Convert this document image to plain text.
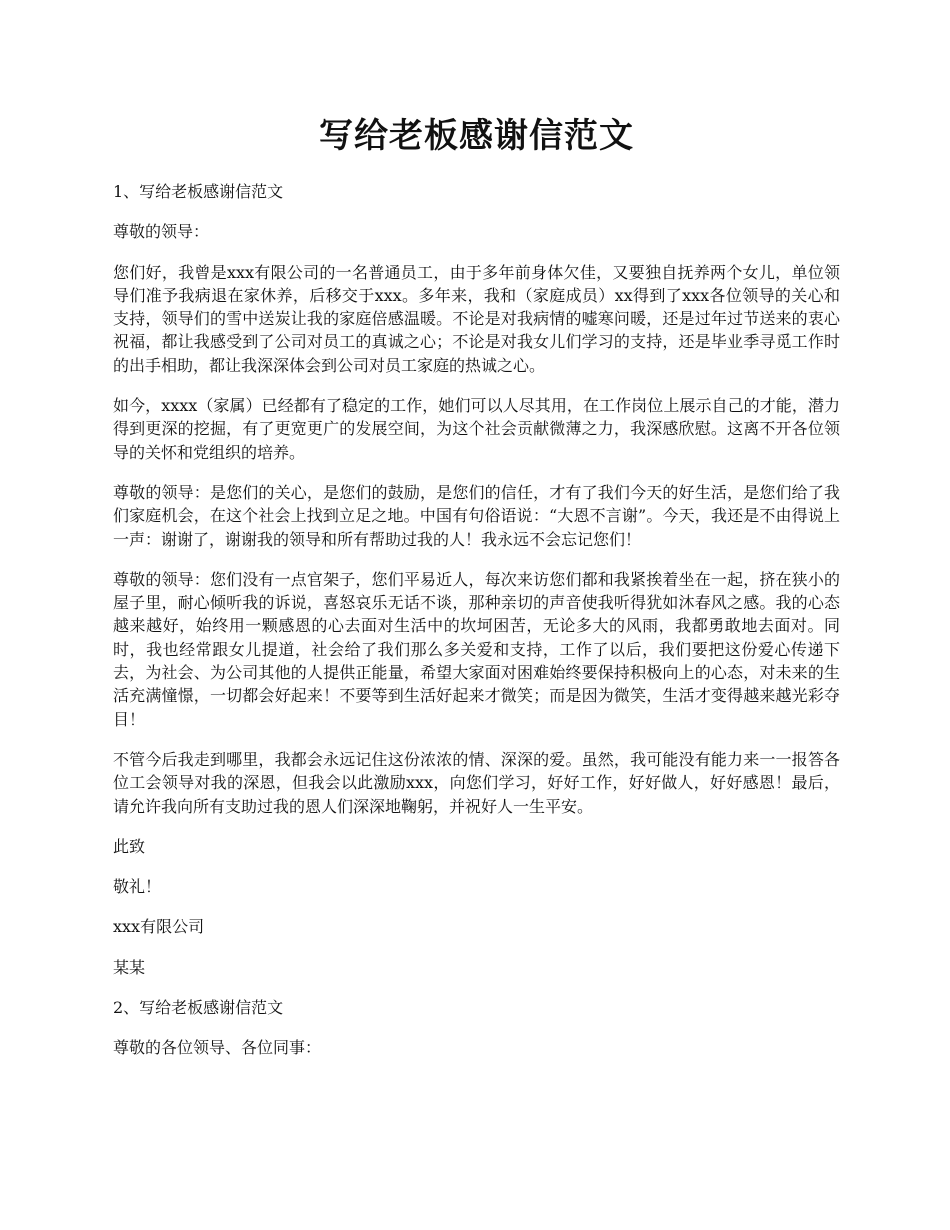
写给老板感谢信范文

1、写给老板感谢信范文

尊敬的领导：

您们好，我曾是xxx有限公司的一名普通员工，由于多年前身体欠佳，又要独自抚养两个女儿，单位领导们准予我病退在家休养，后移交于xxx。多年来，我和（家庭成员）xx得到了xxx各位领导的关心和支持，领导们的雪中送炭让我的家庭倍感温暖。不论是对我病情的嘘寒问暖，还是过年过节送来的衷心祝福，都让我感受到了公司对员工的真诚之心；不论是对我女儿们学习的支持，还是毕业季寻觅工作时的出手相助，都让我深深体会到公司对员工家庭的热诚之心。

如今，xxxx（家属）已经都有了稳定的工作，她们可以人尽其用，在工作岗位上展示自己的才能，潜力得到更深的挖掘，有了更宽更广的发展空间，为这个社会贡献微薄之力，我深感欣慰。这离不开各位领导的关怀和党组织的培养。

尊敬的领导：是您们的关心，是您们的鼓励，是您们的信任，才有了我们今天的好生活，是您们给了我们家庭机会，在这个社会上找到立足之地。中国有句俗语说：“大恩不言谢”。今天，我还是不由得说上一声：谢谢了，谢谢我的领导和所有帮助过我的人！我永远不会忘记您们！

尊敬的领导：您们没有一点官架子，您们平易近人，每次来访您们都和我紧挨着坐在一起，挤在狭小的屋子里，耐心倾听我的诉说，喜怒哀乐无话不谈，那种亲切的声音使我听得犹如沐春风之感。我的心态越来越好，始终用一颗感恩的心去面对生活中的坎坷困苦，无论多大的风雨，我都勇敢地去面对。同时，我也经常跟女儿提道，社会给了我们那么多关爱和支持，工作了以后，我们要把这份爱心传递下去，为社会、为公司其他的人提供正能量，希望大家面对困难始终要保持积极向上的心态，对未来的生活充满憧憬，一切都会好起来！不要等到生活好起来才微笑；而是因为微笑，生活才变得越来越光彩夺目！

不管今后我走到哪里，我都会永远记住这份浓浓的情、深深的爱。虽然，我可能没有能力来一一报答各位工会领导对我的深恩，但我会以此激励xxx，向您们学习，好好工作，好好做人，好好感恩！最后，请允许我向所有支助过我的恩人们深深地鞠躬，并祝好人一生平安。

此致

敬礼！

xxx有限公司

某某

2、写给老板感谢信范文

尊敬的各位领导、各位同事：
